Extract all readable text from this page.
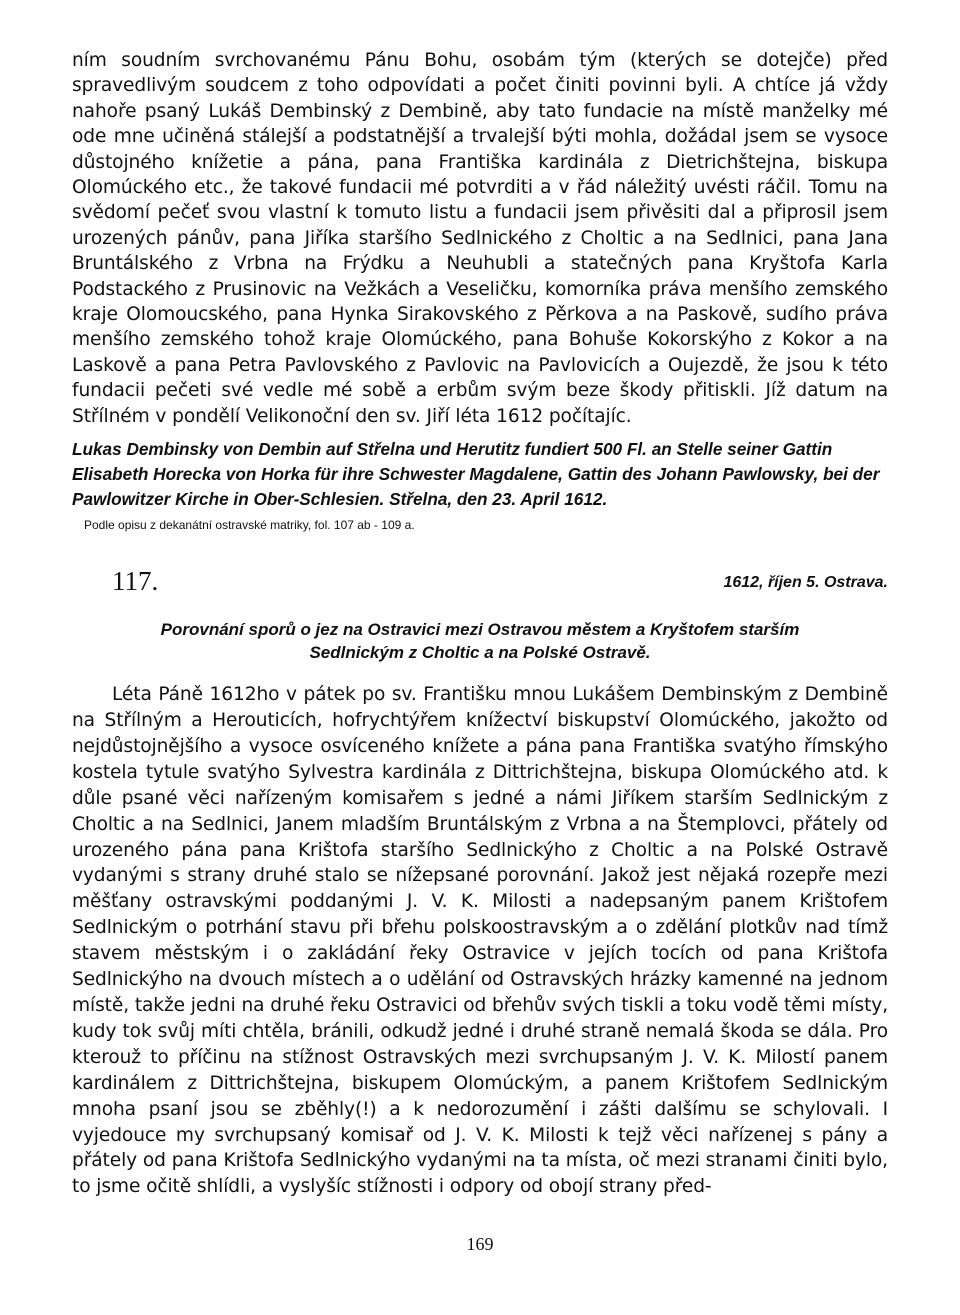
ním soudním svrchovanému Pánu Bohu, osobám tým (kterých se dotejče) před spravedlivým soudcem z toho odpovídati a počet činiti povinni byli. A chtíce já vždy nahoře psaný Lukáš Dembinský z Dembině, aby tato fundacie na místě manželky mé ode mne učiněná stálejší a podstatnější a trvalejší býti mohla, dožádal jsem se vysoce důstojného knížetie a pána, pana Františka kardinála z Dietrichštejna, biskupa Olomúckého etc., že takové fundacii mé potvrditi a v řád náležitý uvésti ráčil. Tomu na svědomí pečeť svou vlastní k tomuto listu a fundacii jsem přivěsiti dal a připrosil jsem urozených pánův, pana Jiříka staršího Sedlnického z Choltic a na Sedlnici, pana Jana Bruntálského z Vrbna na Frýdku a Neuhubli a statečných pana Kryštofa Karla Podstackého z Prusinovic na Vežkách a Veseličku, komorníka práva menšího zemského kraje Olomoucského, pana Hynka Sirakovského z Pěrkova a na Paskově, sudího práva menšího zemského tohož kraje Olomúckého, pana Bohuše Kokorskýho z Kokor a na Laskově a pana Petra Pavlovského z Pavlovic na Pavlovicích a Oujezdě, že jsou k této fundacii pečeti své vedle mé sobě a erbům svým beze škody přitiskli. Jíž datum na Střílném v pondělí Velikonoční den sv. Jiří léta 1612 počítajíc.

Lukas Dembinsky von Dembin auf Střelna und Herutitz fundiert 500 Fl. an Stelle seiner Gattin Elisabeth Horecka von Horka für ihre Schwester Magdalene, Gattin des Johann Pawlowsky, bei der Pawlowitzer Kirche in Ober-Schlesien. Střelna, den 23. April 1612.

Podle opisu z dekanátní ostravské matriky, fol. 107 ab - 109 a.

117.	1612, říjen 5. Ostrava.

Porovnání sporů o jez na Ostravici mezi Ostravou městem a Kryštofem starším Sedlnickým z Choltic a na Polské Ostravě.

Léta Páně 1612ho v pátek po sv. Františku mnou Lukášem Dembinským z Dembině na Střílným a Herouticích, hofrychtýřem knížectví biskupství Olomúckého, jakožto od nejdůstojnějšího a vysoce osvíceného knížete a pána pana Františka svatýho římskýho kostela tytule svatýho Sylvestra kardinála z Dittrichštejna, biskupa Olomúckého atd. k důle psané věci nařízeným komisařem s jedné a námi Jiříkem starším Sedlnickým z Choltic a na Sedlnici, Janem mladším Bruntálským z Vrbna a na Štemplovci, přátely od urozeného pána pana Krištofa staršího Sedlnickýho z Choltic a na Polské Ostravě vydanými s strany druhé stalo se nížepsané porovnání. Jakož jest nějaká rozepře mezi měšťany ostravskými poddanými J. V. K. Milosti a nadepsaným panem Krištofem Sedlnickým o potrhání stavu při břehu polskoostravským a o zdělání plotkův nad tímž stavem městským i o zakládání řeky Ostravice v jejích tocích od pana Krištofa Sedlnickýho na dvouch místech a o udělání od Ostravských hrázky kamenné na jednom místě, takže jedni na druhé řeku Ostravici od břehův svých tiskli a toku vodě těmi místy, kudy tok svůj míti chtěla, bránili, odkudž jedné i druhé straně nemalá škoda se dála. Pro kterouž to příčinu na stížnost Ostravských mezi svrchupsaným J. V. K. Milostí panem kardinálem z Dittrichštejna, biskupem Olomúckým, a panem Krištofem Sedlnickým mnoha psaní jsou se zběhly(!) a k nedorozumění i zášti dalšímu se schylovali. I vyjedouce my svrchupsaný komisař od J. V. K. Milosti k tejž věci nařízenej s pány a přátely od pana Krištofa Sedlnickýho vydanými na ta místa, oč mezi stranami činiti bylo, to jsme očitě shlídli, a vyslyšíc stížnosti i odpory od obojí strany před-

169
